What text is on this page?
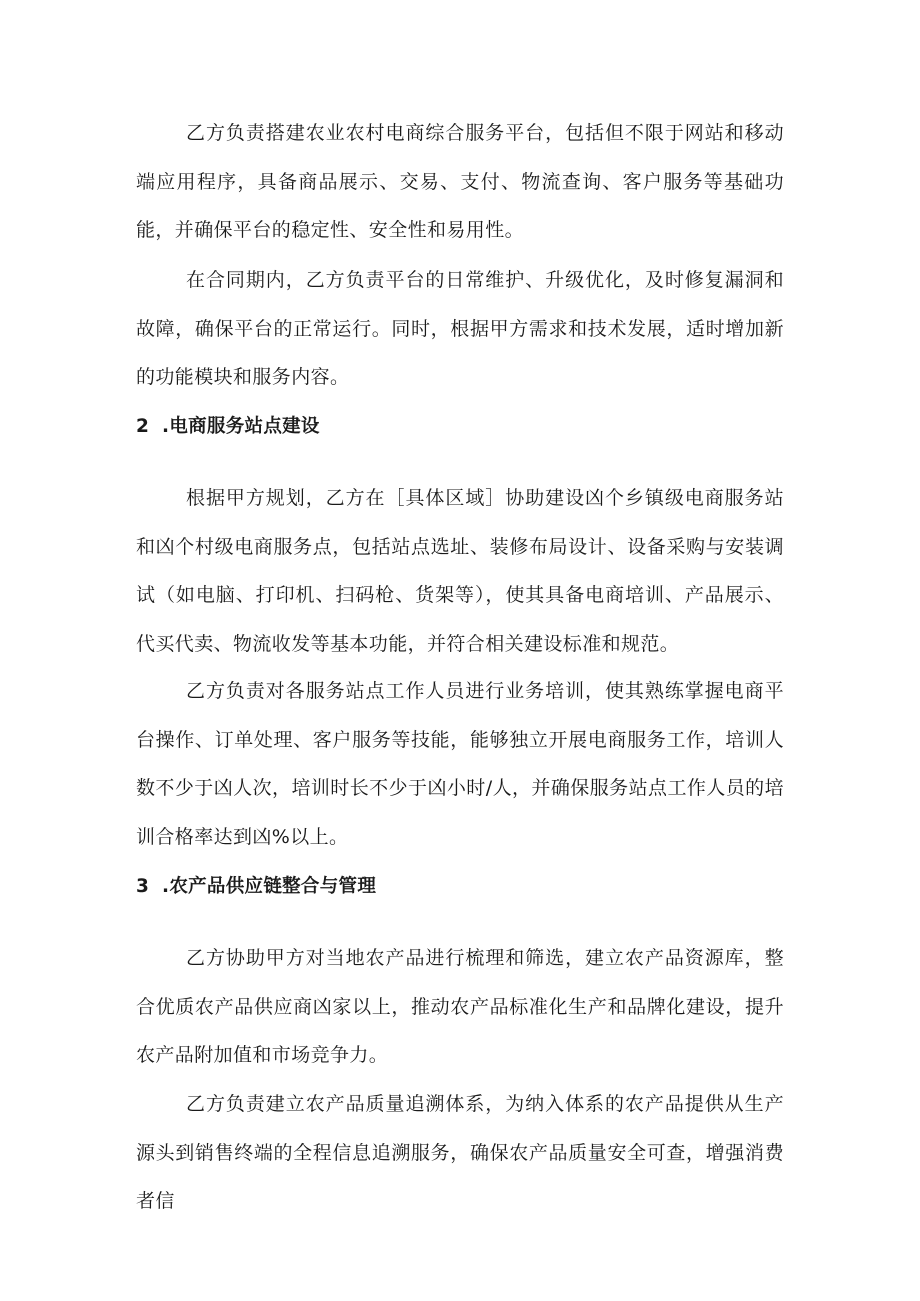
乙方负责搭建农业农村电商综合服务平台，包括但不限于网站和移动端应用程序，具备商品展示、交易、支付、物流查询、客户服务等基础功能，并确保平台的稳定性、安全性和易用性。

在合同期内，乙方负责平台的日常维护、升级优化，及时修复漏洞和故障，确保平台的正常运行。同时，根据甲方需求和技术发展，适时增加新的功能模块和服务内容。

2 .电商服务站点建设

根据甲方规划，乙方在［具体区域］协助建设凶个乡镇级电商服务站和凶个村级电商服务点，包括站点选址、装修布局设计、设备采购与安装调试（如电脑、打印机、扫码枪、货架等），使其具备电商培训、产品展示、代买代卖、物流收发等基本功能，并符合相关建设标准和规范。

乙方负责对各服务站点工作人员进行业务培训，使其熟练掌握电商平台操作、订单处理、客户服务等技能，能够独立开展电商服务工作，培训人数不少于凶人次，培训时长不少于凶小时/人，并确保服务站点工作人员的培训合格率达到凶%以上。

3 .农产品供应链整合与管理

乙方协助甲方对当地农产品进行梳理和筛选，建立农产品资源库，整合优质农产品供应商凶家以上，推动农产品标准化生产和品牌化建设，提升农产品附加值和市场竞争力。

乙方负责建立农产品质量追溯体系，为纳入体系的农产品提供从生产源头到销售终端的全程信息追溯服务，确保农产品质量安全可查，增强消费者信
